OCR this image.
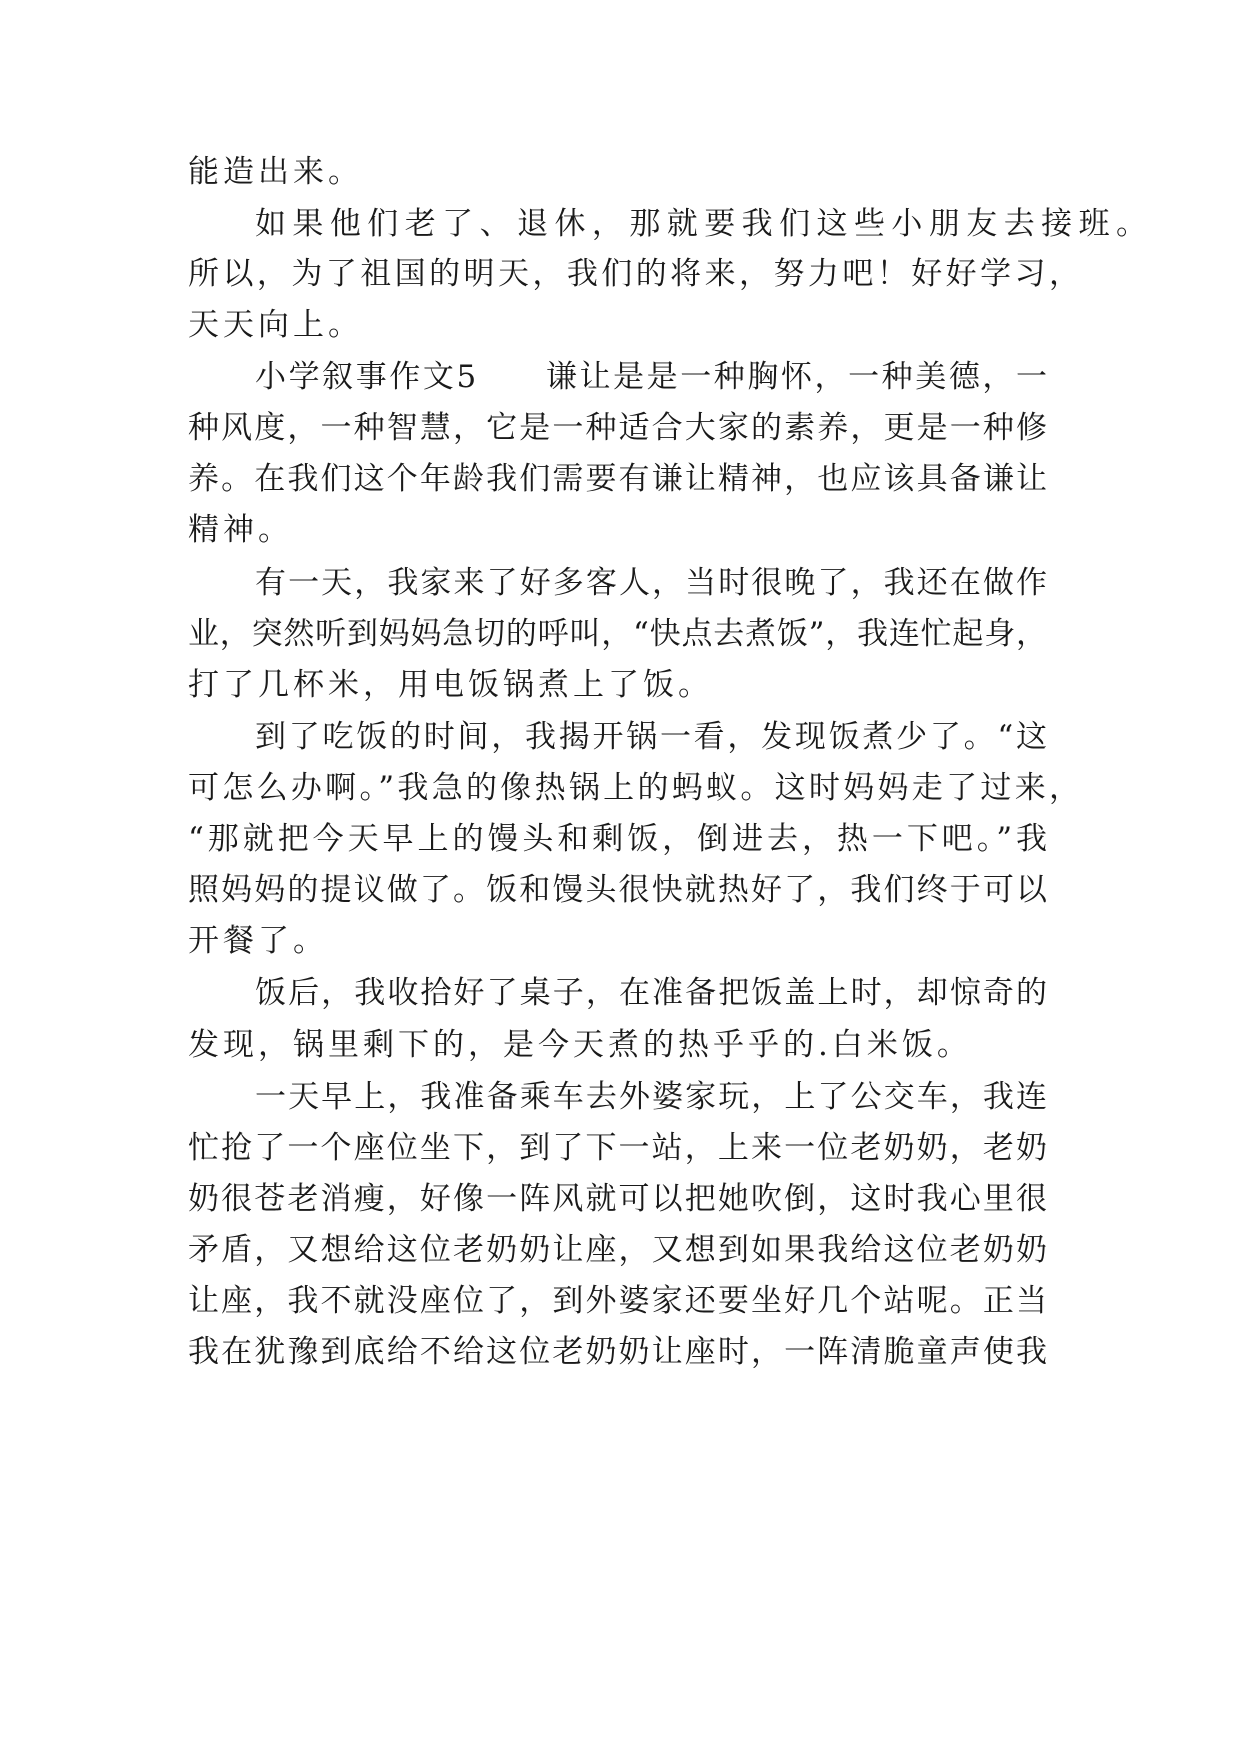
能造出来。
如果他们老了、退休，那就要我们这些小朋友去接班。
所以，为了祖国的明天，我们的将来，努力吧！好好学习，
天天向上。
小学叙事作文5　　谦让是是一种胸怀，一种美德，一
种风度，一种智慧，它是一种适合大家的素养，更是一种修
养。在我们这个年龄我们需要有谦让精神，也应该具备谦让
精神。
有一天，我家来了好多客人，当时很晚了，我还在做作
业，突然听到妈妈急切的呼叫，“快点去煮饭”，我连忙起身，
打了几杯米，用电饭锅煮上了饭。
到了吃饭的时间，我揭开锅一看，发现饭煮少了。“这
可怎么办啊。”我急的像热锅上的蚂蚁。这时妈妈走了过来，
“那就把今天早上的馒头和剩饭，倒进去，热一下吧。”我
照妈妈的提议做了。饭和馒头很快就热好了，我们终于可以
开餐了。
饭后，我收拾好了桌子，在准备把饭盖上时，却惊奇的
发现，锅里剩下的，是今天煮的热乎乎的.白米饭。
一天早上，我准备乘车去外婆家玩，上了公交车，我连
忙抢了一个座位坐下，到了下一站，上来一位老奶奶，老奶
奶很苍老消瘦，好像一阵风就可以把她吹倒，这时我心里很
矛盾，又想给这位老奶奶让座，又想到如果我给这位老奶奶
让座，我不就没座位了，到外婆家还要坐好几个站呢。正当
我在犹豫到底给不给这位老奶奶让座时，一阵清脆童声使我
